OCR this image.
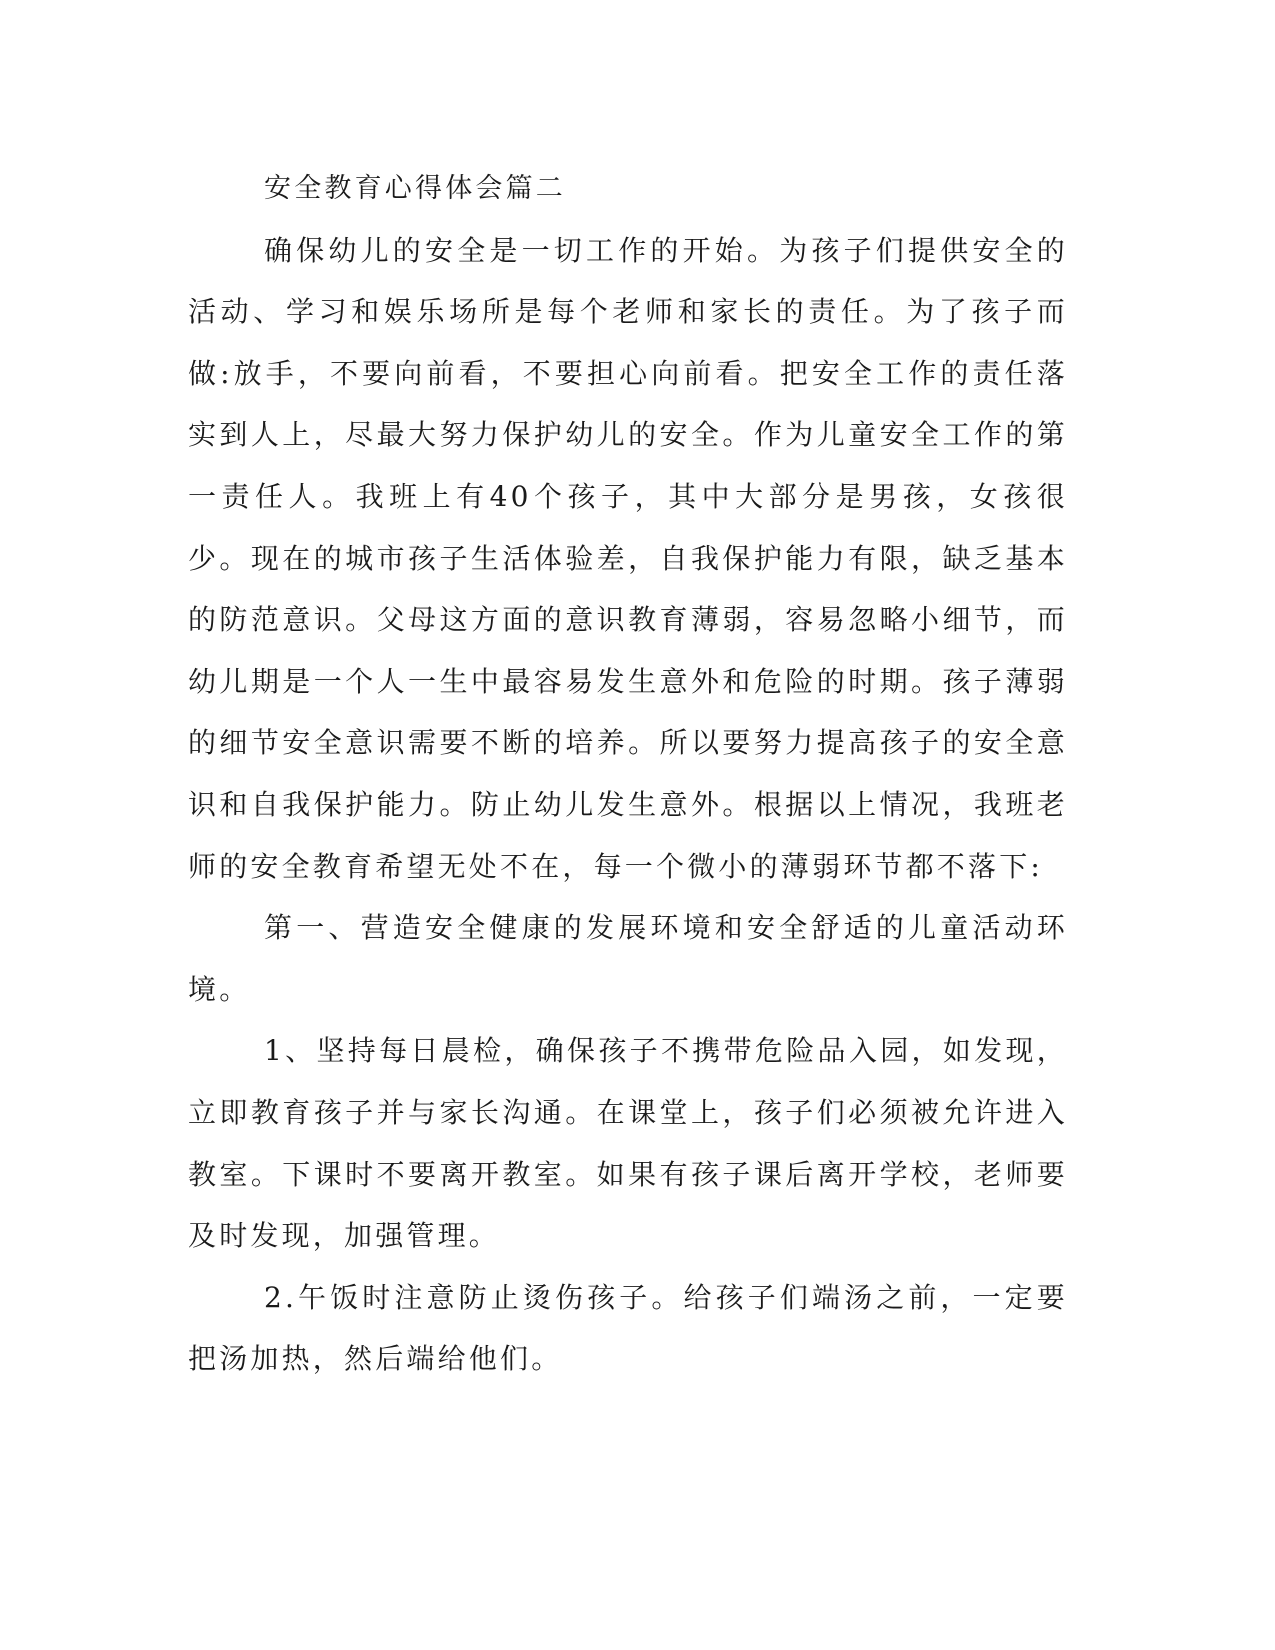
安全教育心得体会篇二

确保幼儿的安全是一切工作的开始。为孩子们提供安全的活动、学习和娱乐场所是每个老师和家长的责任。为了孩子而做:放手，不要向前看，不要担心向前看。把安全工作的责任落实到人上，尽最大努力保护幼儿的安全。作为儿童安全工作的第一责任人。我班上有40个孩子，其中大部分是男孩，女孩很少。现在的城市孩子生活体验差，自我保护能力有限，缺乏基本的防范意识。父母这方面的意识教育薄弱，容易忽略小细节，而幼儿期是一个人一生中最容易发生意外和危险的时期。孩子薄弱的细节安全意识需要不断的培养。所以要努力提高孩子的安全意识和自我保护能力。防止幼儿发生意外。根据以上情况，我班老师的安全教育希望无处不在，每一个微小的薄弱环节都不落下:

第一、营造安全健康的发展环境和安全舒适的儿童活动环境。

1、坚持每日晨检，确保孩子不携带危险品入园，如发现，立即教育孩子并与家长沟通。在课堂上，孩子们必须被允许进入教室。下课时不要离开教室。如果有孩子课后离开学校，老师要及时发现，加强管理。

2.午饭时注意防止烫伤孩子。给孩子们端汤之前，一定要把汤加热，然后端给他们。
